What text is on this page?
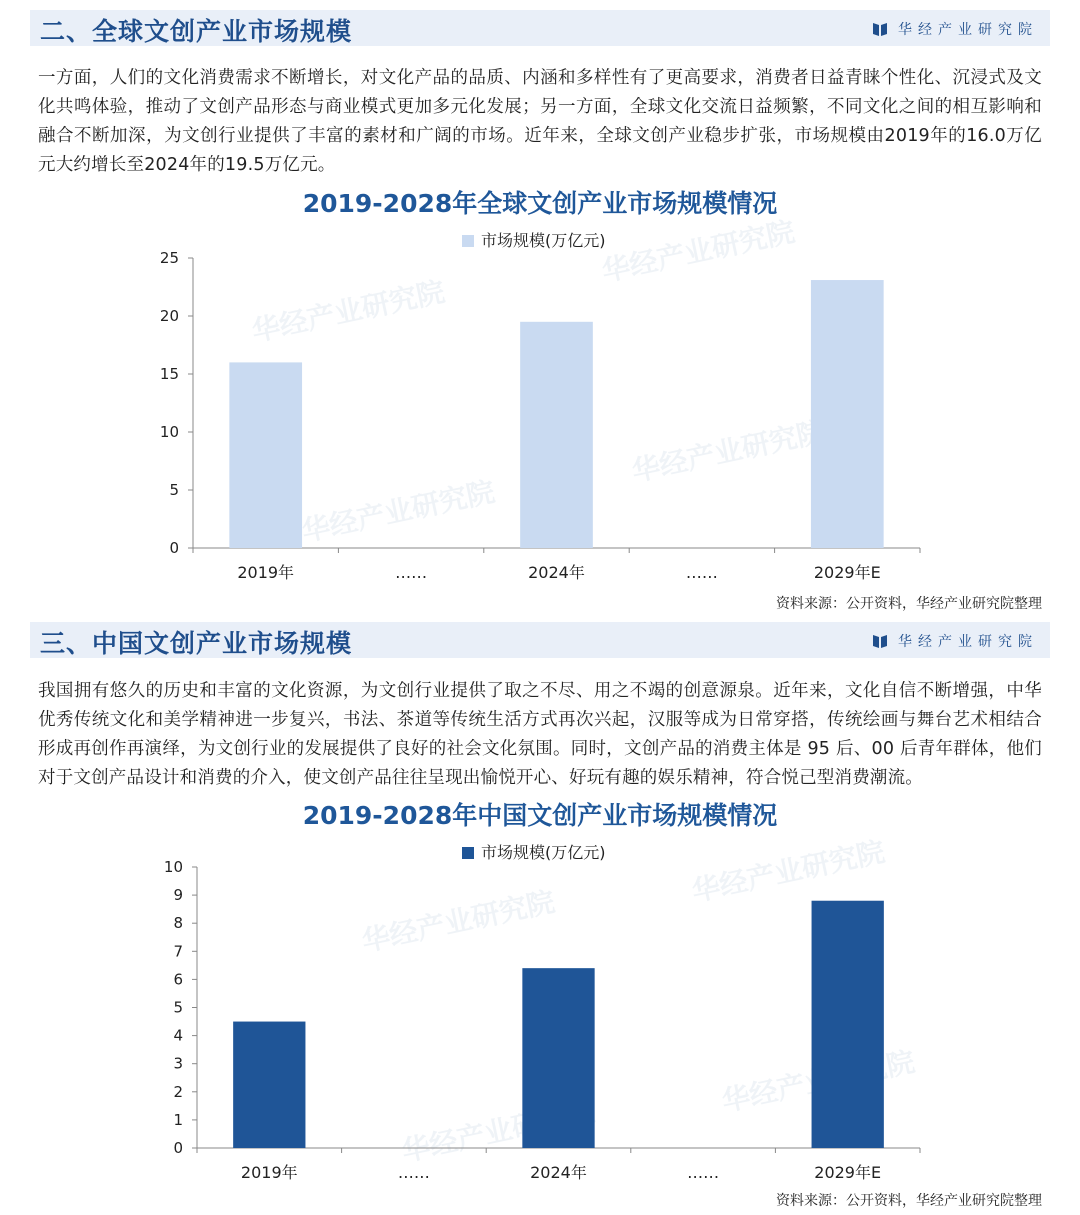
华经产业研究院
华经产业研究院
华经产业研究院
华经产业研究院
华经产业研究院
华经产业研究院
华经产业研究院
二、全球文创产业市场规模	华经产业研究院
一方面，人们的文化消费需求不断增长，对文化产品的品质、内涵和多样性有了更高要求，消费者日益青睐个性化、沉浸式及文化共鸣体验，推动了文创产品形态与商业模式更加多元化发展；另一方面，全球文化交流日益频繁，不同文化之间的相互影响和融合不断加深，为文创行业提供了丰富的素材和广阔的市场。近年来，全球文创产业稳步扩张，市场规模由2019年的16.0万亿元大约增长至2024年的19.5万亿元。
2019-2028年全球文创产业市场规模情况
市场规模(万亿元)
0
5
10
15
20
25
2019年	……	2024年	……	2029年E
资料来源：公开资料，华经产业研究院整理
三、中国文创产业市场规模	华经产业研究院
我国拥有悠久的历史和丰富的文化资源，为文创行业提供了取之不尽、用之不竭的创意源泉。近年来，文化自信不断增强，中华优秀传统文化和美学精神进一步复兴，书法、茶道等传统生活方式再次兴起，汉服等成为日常穿搭，传统绘画与舞台艺术相结合形成再创作再演绎，为文创行业的发展提供了良好的社会文化氛围。同时，文创产品的消费主体是 95 后、00 后青年群体，他们对于文创产品设计和消费的介入，使文创产品往往呈现出愉悦开心、好玩有趣的娱乐精神，符合悦己型消费潮流。
2019-2028年中国文创产业市场规模情况
市场规模(万亿元)
0
1
2
3
4
5
6
7
8
9
10
2019年	……	2024年	……	2029年E
资料来源：公开资料，华经产业研究院整理
